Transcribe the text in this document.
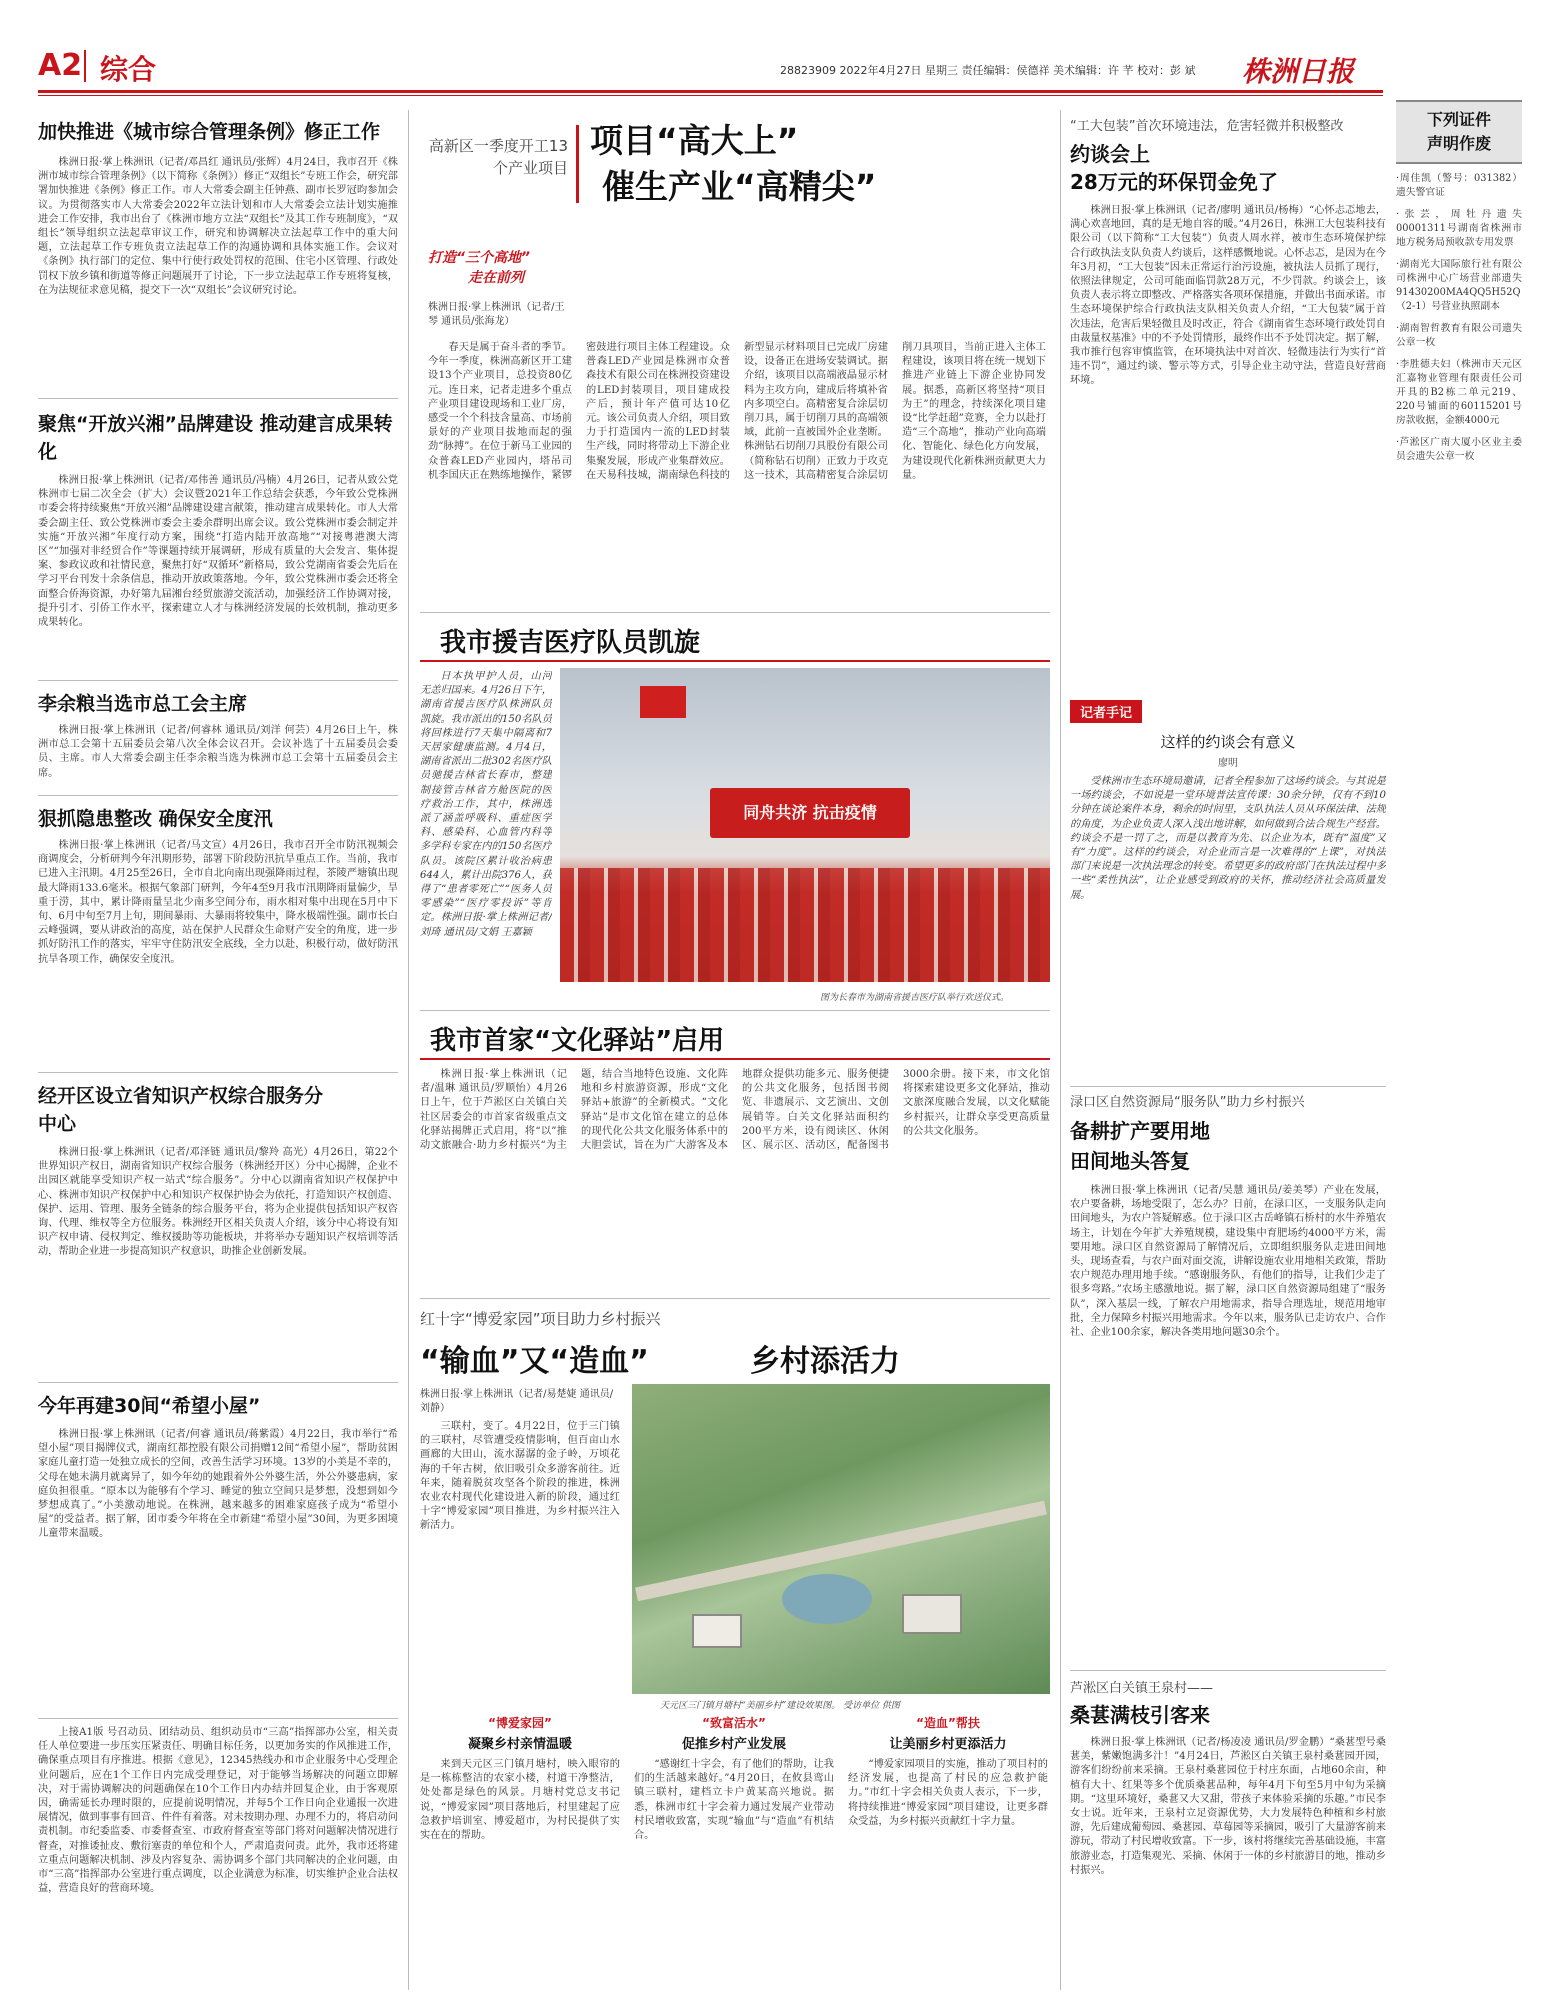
A2 综合	28823909 2022年4月27日 星期三 责任编辑：侯德祥 美术编辑：许 芊 校对：彭 斌 株洲日报
加快推进《城市综合管理条例》修正工作
株洲日报·掌上株洲讯（记者/邓昌红 通讯员/张辉）4月24日，我市召开《株洲市城市综合管理条例》（以下简称《条例》）修正“双组长”专班工作会，研究部署加快推进《条例》修正工作。市人大常委会副主任钟燕、副市长罗冠昀参加会议。为贯彻落实市人大常委会2022年立法计划和市人大常委会立法计划实施推进会工作安排，我市出台了《株洲市地方立法“双组长”及其工作专班制度》，“双组长”领导组织立法起草审议工作，研究和协调解决立法起草工作中的重大问题，立法起草工作专班负责立法起草工作的沟通协调和具体实施工作。会议对《条例》执行部门的定位、集中行使行政处罚权的范围、住宅小区管理、行政处罚权下放乡镇和街道等修正问题展开了讨论，下一步立法起草工作专班将复核，在为法规征求意见稿，提交下一次“双组长”会议研究讨论。
聚焦“开放兴湘”品牌建设 推动建言成果转化
株洲日报·掌上株洲讯（记者/邓伟善 通讯员/冯楠）4月26日，记者从致公党株洲市七届二次全会（扩大）会议暨2021年工作总结会获悉，今年致公党株洲市委会将持续聚焦“开放兴湘”品牌建设建言献策，推动建言成果转化。市人大常委会副主任、致公党株洲市委会主委余群明出席会议。致公党株洲市委会制定并实施“开放兴湘”年度行动方案，围绕“打造内陆开放高地”“对接粤港澳大湾区”“加强对非经贸合作”等课题持续开展调研，形成有质量的大会发言、集体提案、参政议政和社情民意，聚焦打好“双循环”新格局，致公党湖南省委会先后在学习平台刊发十余条信息，推动开放政策落地。今年，致公党株洲市委会还将全面整合侨海资源，办好第九届湘台经贸旅游交流活动，加强经济工作协调对接，提升引才、引侨工作水平，探索建立人才与株洲经济发展的长效机制，推动更多成果转化。
李余粮当选市总工会主席
株洲日报·掌上株洲讯（记者/何睿林 通讯员/刘洋 何芸）4月26日上午，株洲市总工会第十五届委员会第八次全体会议召开。会议补选了十五届委员会委员、主席。市人大常委会副主任李余粮当选为株洲市总工会第十五届委员会主席。
狠抓隐患整改 确保安全度汛
株洲日报·掌上株洲讯（记者/马文宣）4月26日，我市召开全市防汛视频会商调度会，分析研判今年汛期形势，部署下阶段防汛抗旱重点工作。当前，我市已进入主汛期。4月25至26日，全市自北向南出现强降雨过程，茶陵严塘镇出现最大降雨133.6毫米。根据气象部门研判，今年4至9月我市汛期降雨量偏少，旱重于涝，其中，累计降雨量呈北少南多空间分布，雨水相对集中出现在5月中下旬、6月中旬至7月上旬，期间暴雨、大暴雨将较集中，降水极端性强。副市长白云峰强调，要从讲政治的高度，站在保护人民群众生命财产安全的角度，进一步抓好防汛工作的落实，牢牢守住防汛安全底线，全力以赴，积极行动，做好防汛抗旱各项工作，确保安全度汛。
经开区设立省知识产权综合服务分中心
株洲日报·掌上株洲讯（记者/邓泽链 通讯员/黎羚 高光）4月26日，第22个世界知识产权日，湖南省知识产权综合服务（株洲经开区）分中心揭牌，企业不出园区就能享受知识产权一站式“综合服务”。分中心以湖南省知识产权保护中心、株洲市知识产权保护中心和知识产权保护协会为依托，打造知识产权创造、保护、运用、管理、服务全链条的综合服务平台，将为企业提供包括知识产权咨询、代理、维权等全方位服务。株洲经开区相关负责人介绍，该分中心将设有知识产权申请、侵权判定、维权援助等功能板块，并将举办专题知识产权培训等活动，帮助企业进一步提高知识产权意识，助推企业创新发展。
今年再建30间“希望小屋”
株洲日报·掌上株洲讯（记者/何睿 通讯员/蒋紫霞）4月22日，我市举行“希望小屋”项目揭牌仪式，湖南红都控股有限公司捐赠12间“希望小屋”，帮助贫困家庭儿童打造一处独立成长的空间，改善生活学习环境。13岁的小美是不幸的，父母在她未满月就离异了，如今年幼的她跟着外公外婆生活，外公外婆患病，家庭负担很重。“原本以为能够有个学习、睡觉的独立空间只是梦想，没想到如今梦想成真了。”小美激动地说。在株洲，越来越多的困难家庭孩子成为“希望小屋”的受益者。据了解，团市委今年将在全市新建“希望小屋”30间，为更多困境儿童带来温暖。
上接A1版 号召动员、团结动员、组织动员市“三高”指挥部办公室，相关责任人单位要进一步压实压紧责任、明确目标任务，以更加务实的作风推进工作，确保重点项目有序推进。根据《意见》，12345热线办和市企业服务中心受理企业问题后，应在1个工作日内完成受理登记，对于能够当场解决的问题立即解决，对于需协调解决的问题确保在10个工作日内办结并回复企业，由于客观原因，确需延长办理时限的，应提前说明情况，并每5个工作日向企业通报一次进展情况，做到事事有回音、件件有着落。对未按期办理、办理不力的，将启动问责机制。市纪委监委、市委督查室、市政府督查室等部门将对问题解决情况进行督查，对推诿扯皮、敷衍塞责的单位和个人，严肃追责问责。此外，我市还将建立重点问题解决机制、涉及内容复杂、需协调多个部门共同解决的企业问题，由市“三高”指挥部办公室进行重点调度，以企业满意为标准，切实维护企业合法权益，营造良好的营商环境。
高新区一季度开工13个产业项目
项目“高大上”
催生产业“高精尖”
打造“三个高地”
走在前列
株洲日报·掌上株洲讯（记者/王琴 通讯员/张海龙）
春天是属于奋斗者的季节。今年一季度，株洲高新区开工建设13个产业项目，总投资80亿元。连日来，记者走进多个重点产业项目建设现场和工业厂房，感受一个个科技含量高、市场前景好的产业项目拔地而起的强劲“脉搏”。在位于新马工业园的众普森LED产业园内，塔吊司机李国庆正在熟练地操作，紧锣密鼓进行项目主体工程建设。众普森LED产业园是株洲市众普森技术有限公司在株洲投资建设的LED封装项目，项目建成投产后，预计年产值可达10亿元。该公司负责人介绍，项目致力于打造国内一流的LED封装生产线，同时将带动上下游企业集聚发展，形成产业集群效应。在天易科技城，湖南绿色科技的新型显示材料项目已完成厂房建设，设备正在进场安装调试。据介绍，该项目以高端液晶显示材料为主攻方向，建成后将填补省内多项空白。高精密复合涂层切削刀具，属于切削刀具的高端领域，此前一直被国外企业垄断。株洲钻石切削刀具股份有限公司（简称钻石切削）正致力于攻克这一技术，其高精密复合涂层切削刀具项目，当前正进入主体工程建设，该项目将在统一规划下推进产业链上下游企业协同发展。据悉，高新区将坚持“项目为王”的理念，持续深化项目建设“比学赶超”竞赛，全力以赴打造“三个高地”，推动产业向高端化、智能化、绿色化方向发展，为建设现代化新株洲贡献更大力量。
我市援吉医疗队员凯旋
日本执甲护人员，山河无恙归国来。4月26日下午，湖南省援吉医疗队株洲队员凯旋。我市派出的150名队员将回株进行7天集中隔离和7天居家健康监测。4月4日，湖南省派出二批302名医疗队员驰援吉林省长春市，整建制接管吉林省方舱医院的医疗救治工作，其中，株洲选派了涵盖呼吸科、重症医学科、感染科、心血管内科等多学科专家在内的150名医疗队员。该院区累计收治病患644人，累计出院376人，获得了“患者零死亡”“医务人员零感染”“医疗零投诉”等肯定。株洲日报·掌上株洲记者/刘琦 通讯员/文娟 王嘉颖
同舟共济 抗击疫情
图为长春市为湖南省援吉医疗队举行欢送仪式。
我市首家“文化驿站”启用
株洲日报·掌上株洲讯（记者/温琳 通讯员/罗顺怡）4月26日上午，位于芦淞区白关镇白关社区居委会的市首家省级重点文化驿站揭牌正式启用，将“以”推动文旅融合·助力乡村振兴“为主题，结合当地特色设施、文化阵地和乡村旅游资源，形成“文化驿站+旅游”的全新模式。“文化驿站”是市文化馆在建立的总体的现代化公共文化服务体系中的大胆尝试，旨在为广大游客及本地群众提供功能多元、服务便捷的公共文化服务，包括图书阅览、非遗展示、文艺演出、文创展销等。白关文化驿站面积约200平方米，设有阅读区、休闲区、展示区、活动区，配备图书3000余册。接下来，市文化馆将探索建设更多文化驿站，推动文旅深度融合发展，以文化赋能乡村振兴，让群众享受更高质量的公共文化服务。
红十字“博爱家园”项目助力乡村振兴
“输血”又“造血”	乡村添活力
株洲日报·掌上株洲讯（记者/易楚婕 通讯员/刘静）
三联村，变了。4月22日，位于三门镇的三联村，尽管遭受疫情影响，但百亩山水画廊的大田山，流水潺潺的金子岭，万顷花海的千年古树，依旧吸引众多游客前往。近年来，随着脱贫攻坚各个阶段的推进，株洲农业农村现代化建设进入新的阶段，通过红十字“博爱家园”项目推进，为乡村振兴注入新活力。
天元区三门镇月塘村“美丽乡村”建设效果图。 受访单位 供图
“博爱家园”
凝聚乡村亲情温暖
来到天元区三门镇月塘村，映入眼帘的是一栋栋整洁的农家小楼，村道干净整洁，处处都是绿色的风景。月塘村党总支书记说，“博爱家园”项目落地后，村里建起了应急救护培训室、博爱超市，为村民提供了实实在在的帮助。
“致富活水”
促推乡村产业发展
“感谢红十字会，有了他们的帮助，让我们的生活越来越好。”4月20日，在攸县鸾山镇三联村，建档立卡户黄某高兴地说。据悉，株洲市红十字会着力通过发展产业带动村民增收致富，实现“输血”与“造血”有机结合。
“造血”帮扶
让美丽乡村更添活力
“博爱家园项目的实施，推动了项目村的经济发展，也提高了村民的应急救护能力。”市红十字会相关负责人表示，下一步，将持续推进“博爱家园”项目建设，让更多群众受益，为乡村振兴贡献红十字力量。
“工大包装”首次环境违法，危害轻微并积极整改
约谈会上
28万元的环保罚金免了
株洲日报·掌上株洲讯（记者/廖明 通讯员/杨梅）“心怀忐忑地去，满心欢喜地回，真的是无地自容的暖。”4月26日，株洲工大包装科技有限公司（以下简称“工大包装”）负责人周水祥，被市生态环境保护综合行政执法支队负责人约谈后，这样感慨地说。心怀忐忑，是因为在今年3月初，“工大包装”因未正常运行治污设施，被执法人员抓了现行，依照法律规定，公司可能面临罚款28万元，不少罚款。约谈会上，该负责人表示将立即整改、严格落实各项环保措施，并做出书面承诺。市生态环境保护综合行政执法支队相关负责人介绍，“工大包装”属于首次违法，危害后果轻微且及时改正，符合《湖南省生态环境行政处罚自由裁量权基准》中的不予处罚情形，最终作出不予处罚决定。据了解，我市推行包容审慎监管，在环境执法中对首次、轻微违法行为实行“首违不罚”，通过约谈、警示等方式，引导企业主动守法，营造良好营商环境。
记者手记
这样的约谈会有意义
廖明
受株洲市生态环境局邀请，记者全程参加了这场约谈会。与其说是一场约谈会，不如说是一堂环境普法宣传课：30余分钟，仅有不到10分钟在谈论案件本身，剩余的时间里，支队执法人员从环保法律、法规的角度，为企业负责人深入浅出地讲解，如何做到合法合规生产经营。约谈会不是一罚了之，而是以教育为先、以企业为本，既有“温度”又有“力度”。这样的约谈会，对企业而言是一次难得的“上课”，对执法部门来说是一次执法理念的转变。希望更多的政府部门在执法过程中多一些“柔性执法”，让企业感受到政府的关怀，推动经济社会高质量发展。
渌口区自然资源局“服务队”助力乡村振兴
备耕扩产要用地
田间地头答复
株洲日报·掌上株洲讯（记者/吴慧 通讯员/姜美琴）产业在发展，农户要备耕，场地受限了，怎么办？日前，在渌口区，一支服务队走向田间地头，为农户答疑解惑。位于渌口区古岳峰镇石桥村的水牛养殖农场主，计划在今年扩大养殖规模，建设集中育肥场约4000平方米，需要用地。渌口区自然资源局了解情况后，立即组织服务队走进田间地头，现场查看，与农户面对面交流，讲解设施农业用地相关政策，帮助农户规范办理用地手续。“感谢服务队，有他们的指导，让我们少走了很多弯路。”农场主感激地说。据了解，渌口区自然资源局组建了“服务队”，深入基层一线，了解农户用地需求，指导合理选址，规范用地审批，全力保障乡村振兴用地需求。今年以来，服务队已走访农户、合作社、企业100余家，解决各类用地问题30余个。
芦淞区白关镇王泉村——
桑葚满枝引客来
株洲日报·掌上株洲讯（记者/杨凌凌 通讯员/罗金鹏）“桑葚型号桑葚美，紫嫩饱满多汁！”4月24日，芦淞区白关镇王泉村桑葚园开园，游客们纷纷前来采摘。王泉村桑葚园位于村庄东面，占地60余亩，种植有大十、红果等多个优质桑葚品种，每年4月下旬至5月中旬为采摘期。“这里环境好，桑葚又大又甜，带孩子来体验采摘的乐趣。”市民李女士说。近年来，王泉村立足资源优势，大力发展特色种植和乡村旅游，先后建成葡萄园、桑葚园、草莓园等采摘园，吸引了大量游客前来游玩，带动了村民增收致富。下一步，该村将继续完善基础设施，丰富旅游业态，打造集观光、采摘、休闲于一体的乡村旅游目的地，推动乡村振兴。
下列证件
声明作废
·周佳凯（警号：031382）遗失警官证
·张芸，周牡丹遗失00001311号湖南省株洲市地方税务局预收款专用发票
·湖南光大国际旅行社有限公司株洲中心广场营业部遗失91430200MA4QQ5H52Q（2-1）号营业执照副本
·湖南智哲教育有限公司遗失公章一枚
·李胜德夫妇（株洲市天元区汇嘉物业管理有限责任公司开具的B2栋二单元219、220号铺面的60115201号房款收据，金额4000元
·芦淞区广南大厦小区业主委员会遗失公章一枚
